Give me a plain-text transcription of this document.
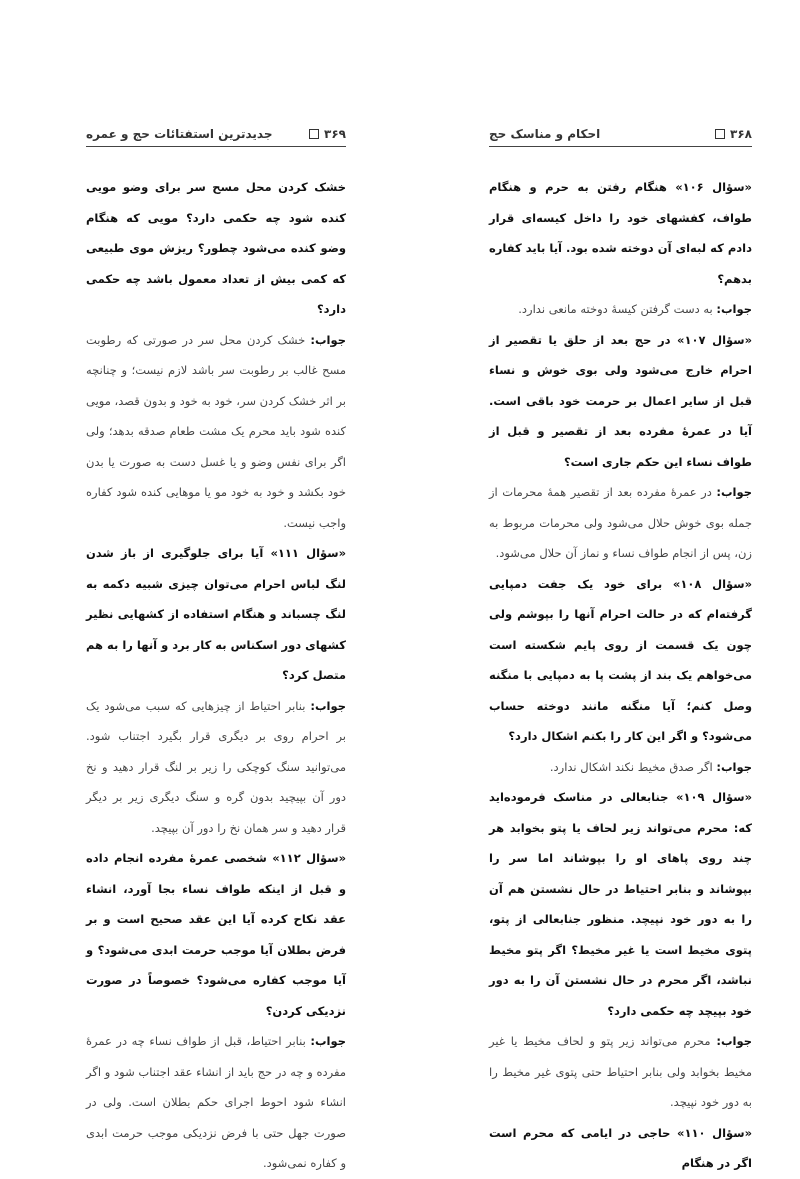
۳۶۹
جدیدترین استفتائات حج و عمره

خشک کردن محل مسح سر برای وضو مویی کنده شود چه حکمی دارد؟ مویی که هنگام وضو کنده می‌شود چطور؟ ریزش موی طبیعی که کمی بیش از تعداد معمول باشد چه حکمی دارد؟

جواب: خشک کردن محل سر در صورتی که رطوبت مسح غالب بر رطوبت سر باشد لازم نیست؛ و چنانچه بر اثر خشک کردن سر، خود به خود و بدون قصد، مویی کنده شود باید محرم یک مشت طعام صدقه بدهد؛ ولی اگر برای نفس وضو و یا غسل دست به صورت یا بدن خود بکشد و خود به خود مو یا موهایی کنده شود کفاره واجب نیست.

«سؤال ۱۱۱» آیا برای جلوگیری از باز شدن لنگ لباس احرام می‌توان چیزی شبیه دکمه به لنگ چسباند و هنگام استفاده از کشهایی نظیر کشهای دور اسکناس به کار برد و آنها را به هم متصل کرد؟

جواب: بنابر احتیاط از چیزهایی که سبب می‌شود یک بر احرام روی بر دیگری قرار بگیرد اجتناب شود. می‌توانید سنگ کوچکی را زیر بر لنگ قرار دهید و نخ دور آن بپیچید بدون گره و سنگ دیگری زیر بر دیگر قرار دهید و سر همان نخ را دور آن بپیچد.

«سؤال ۱۱۲» شخصی عمرهٔ مفرده انجام داده و قبل از اینکه طواف نساء بجا آورد، انشاء عقد نکاح کرده آیا این عقد صحیح است و بر فرض بطلان آیا موجب حرمت ابدی می‌شود؟ و آیا موجب کفاره می‌شود؟ خصوصاً در صورت نزدیکی کردن؟

جواب: بنابر احتیاط، قبل از طواف نساء چه در عمرهٔ مفرده و چه در حج باید از انشاء عقد اجتناب شود و اگر انشاء شود احوط اجرای حکم بطلان است. ولی در صورت جهل حتی با فرض نزدیکی موجب حرمت ابدی و کفاره نمی‌شود.

۳۶۸
احکام و مناسک حج

«سؤال ۱۰۶» هنگام رفتن به حرم و هنگام طواف، کفشهای خود را داخل کیسه‌ای قرار دادم که لبه‌ای آن دوخته شده بود. آیا باید کفاره بدهم؟

جواب: به دست گرفتن کیسهٔ دوخته مانعی ندارد.

«سؤال ۱۰۷» در حج بعد از حلق یا تقصیر از احرام خارج می‌شود ولی بوی خوش و نساء قبل از سایر اعمال بر حرمت خود باقی است. آیا در عمرهٔ مفرده بعد از تقصیر و قبل از طواف نساء این حکم جاری است؟

جواب: در عمرهٔ مفرده بعد از تقصیر همهٔ محرمات از جمله بوی خوش حلال می‌شود ولی محرمات مربوط به زن، پس از انجام طواف نساء و نماز آن حلال می‌شود.

«سؤال ۱۰۸» برای خود یک جفت دمپایی گرفته‌ام که در حالت احرام آنها را بپوشم ولی چون یک قسمت از روی پایم شکسته است می‌خواهم یک بند از پشت پا به دمپایی با منگنه وصل کنم؛ آیا منگنه مانند دوخته حساب می‌شود؟ و اگر این کار را بکنم اشکال دارد؟

جواب: اگر صدق مخیط نکند اشکال ندارد.

«سؤال ۱۰۹» جنابعالی در مناسک فرموده‌اید که: محرم می‌تواند زیر لحاف یا پتو بخوابد هر چند روی پاهای او را بپوشاند اما سر را بپوشاند و بنابر احتیاط در حال نشستن هم آن را به دور خود نپیچد. منظور جنابعالی از پتو، پتوی مخیط است یا غیر مخیط؟ اگر پتو مخیط نباشد، اگر محرم در حال نشستن آن را به دور خود بپیچد چه حکمی دارد؟

جواب: محرم می‌تواند زیر پتو و لحاف مخیط یا غیر مخیط بخوابد ولی بنابر احتیاط حتی پتوی غیر مخیط را به دور خود نپیچد.

«سؤال ۱۱۰» حاجی در ایامی که محرم است اگر در هنگام
